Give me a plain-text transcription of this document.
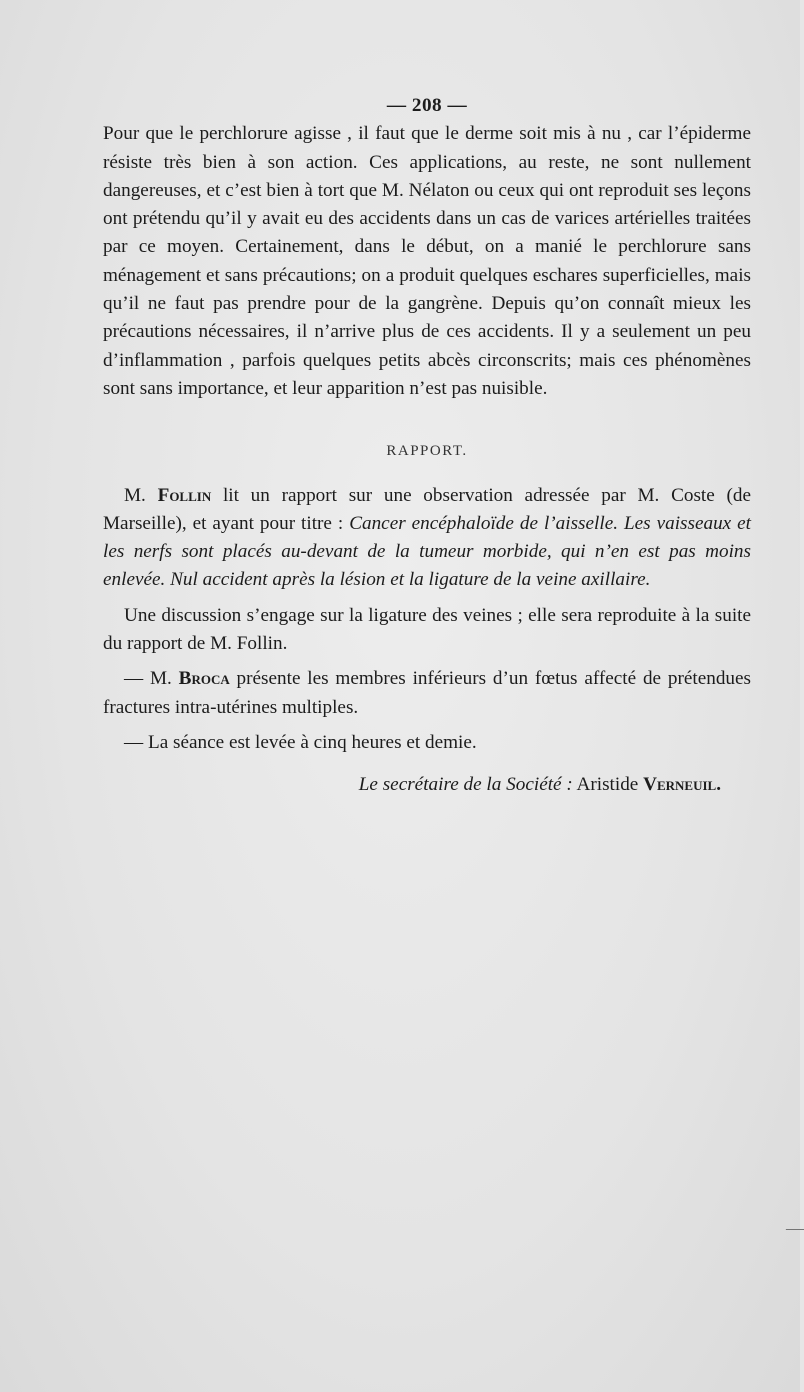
— 208 —

Pour que le perchlorure agisse , il faut que le derme soit mis à nu , car l’épiderme résiste très bien à son action. Ces applications, au reste, ne sont nullement dangereuses, et c’est bien à tort que M. Nélaton ou ceux qui ont reproduit ses leçons ont prétendu qu’il y avait eu des accidents dans un cas de varices artérielles traitées par ce moyen. Certainement, dans le début, on a manié le perchlorure sans ménagement et sans précautions; on a produit quelques eschares superficielles, mais qu’il ne faut pas prendre pour de la gangrène. Depuis qu’on connaît mieux les précautions nécessaires, il n’arrive plus de ces accidents. Il y a seulement un peu d’inflammation , parfois quelques petits abcès circonscrits; mais ces phénomènes sont sans importance, et leur apparition n’est pas nuisible.

RAPPORT.

M. Follin lit un rapport sur une observation adressée par M. Coste (de Marseille), et ayant pour titre : Cancer encéphaloïde de l’aisselle. Les vaisseaux et les nerfs sont placés au-devant de la tumeur morbide, qui n’en est pas moins enlevée. Nul accident après la lésion et la ligature de la veine axillaire.

Une discussion s’engage sur la ligature des veines ; elle sera reproduite à la suite du rapport de M. Follin.

— M. Broca présente les membres inférieurs d’un fœtus affecté de prétendues fractures intra-utérines multiples.

— La séance est levée à cinq heures et demie.

Le secrétaire de la Société : Aristide Verneuil.

—
